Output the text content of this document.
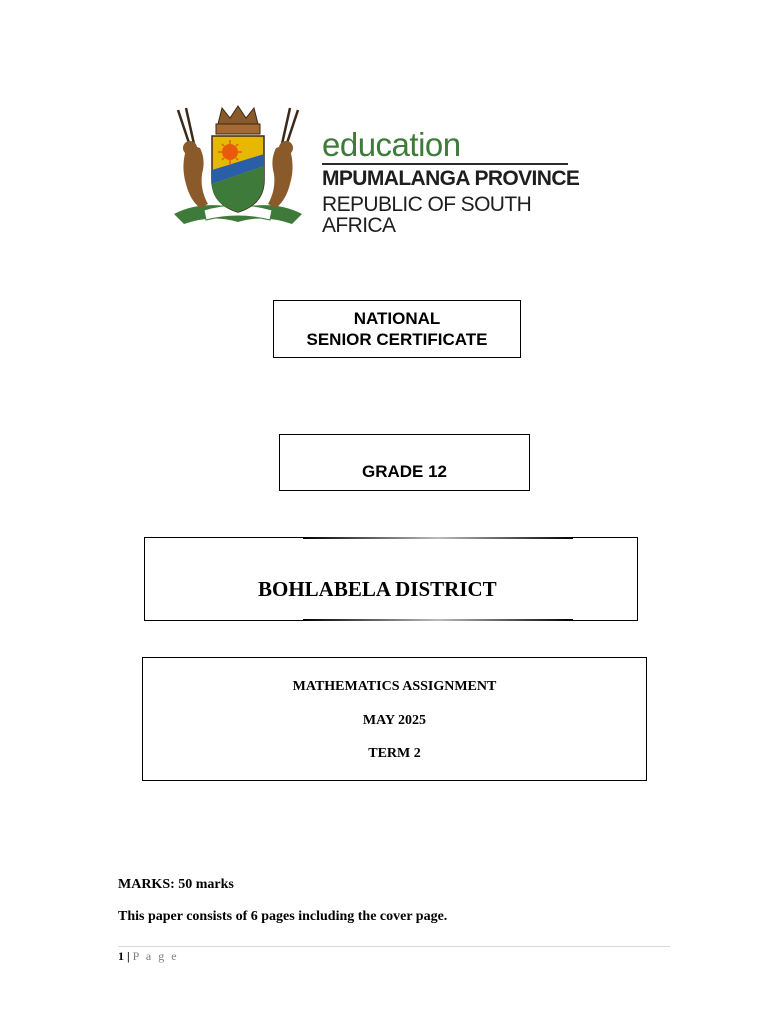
education
MPUMALANGA PROVINCE
REPUBLIC OF SOUTH AFRICA
NATIONAL
SENIOR CERTIFICATE
GRADE 12
BOHLABELA DISTRICT
MATHEMATICS ASSIGNMENT
MAY 2025
TERM 2
MARKS: 50 marks
This paper consists of 6 pages including the cover page.
1 | P a g e
